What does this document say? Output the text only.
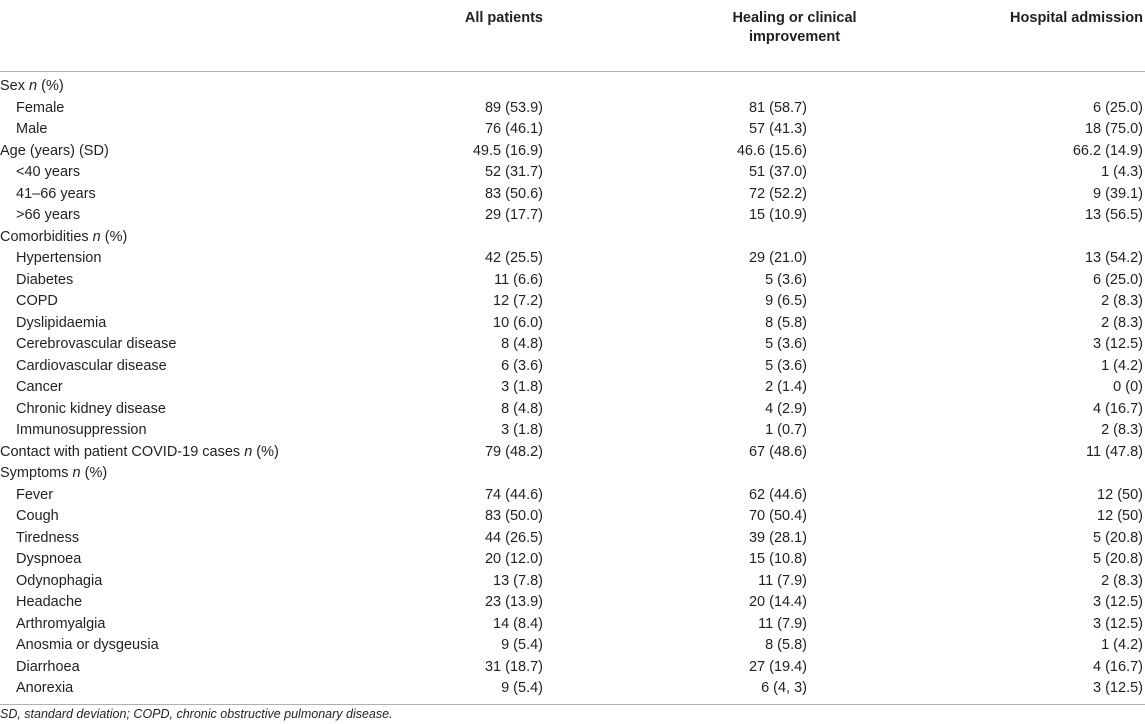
	All patients	Healing or clinical improvement	Hospital admission
Sex n (%)			
Female	89 (53.9)	81 (58.7)	6 (25.0)
Male	76 (46.1)	57 (41.3)	18 (75.0)
Age (years) (SD)	49.5 (16.9)	46.6 (15.6)	66.2 (14.9)
<40 years	52 (31.7)	51 (37.0)	1 (4.3)
41–66 years	83 (50.6)	72 (52.2)	9 (39.1)
>66 years	29 (17.7)	15 (10.9)	13 (56.5)
Comorbidities n (%)			
Hypertension	42 (25.5)	29 (21.0)	13 (54.2)
Diabetes	11 (6.6)	5 (3.6)	6 (25.0)
COPD	12 (7.2)	9 (6.5)	2 (8.3)
Dyslipidaemia	10 (6.0)	8 (5.8)	2 (8.3)
Cerebrovascular disease	8 (4.8)	5 (3.6)	3 (12.5)
Cardiovascular disease	6 (3.6)	5 (3.6)	1 (4.2)
Cancer	3 (1.8)	2 (1.4)	0 (0)
Chronic kidney disease	8 (4.8)	4 (2.9)	4 (16.7)
Immunosuppression	3 (1.8)	1 (0.7)	2 (8.3)
Contact with patient COVID-19 cases n (%)	79 (48.2)	67 (48.6)	11 (47.8)
Symptoms n (%)			
Fever	74 (44.6)	62 (44.6)	12 (50)
Cough	83 (50.0)	70 (50.4)	12 (50)
Tiredness	44 (26.5)	39 (28.1)	5 (20.8)
Dyspnoea	20 (12.0)	15 (10.8)	5 (20.8)
Odynophagia	13 (7.8)	11 (7.9)	2 (8.3)
Headache	23 (13.9)	20 (14.4)	3 (12.5)
Arthromyalgia	14 (8.4)	11 (7.9)	3 (12.5)
Anosmia or dysgeusia	9 (5.4)	8 (5.8)	1 (4.2)
Diarrhoea	31 (18.7)	27 (19.4)	4 (16.7)
Anorexia	9 (5.4)	6 (4, 3)	3 (12.5)
SD, standard deviation; COPD, chronic obstructive pulmonary disease.
